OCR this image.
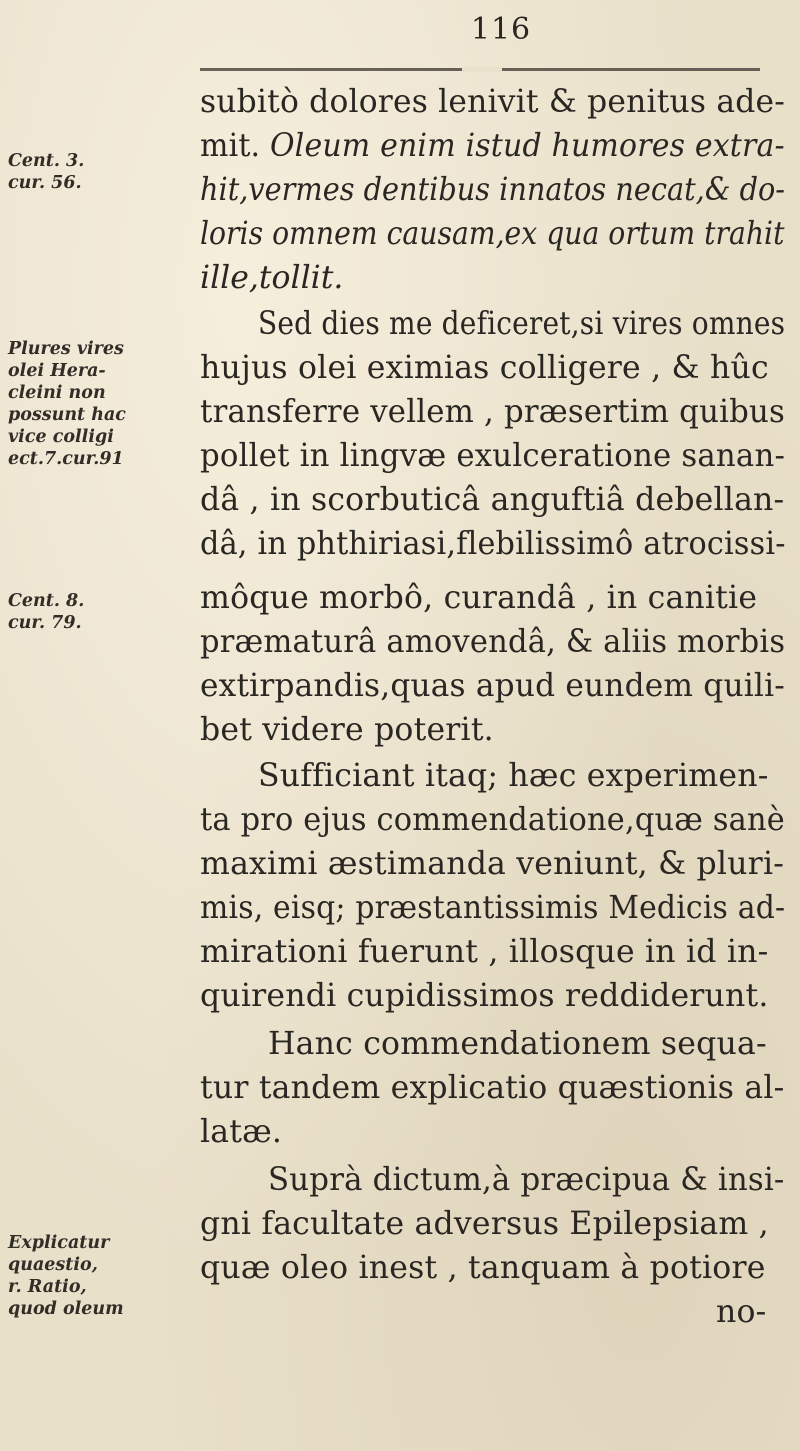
116
Cent. 3.
cur. 56.
Plures vires
olei Hera-
cleini non
possunt hac
vice colligi
ect.7.cur.91
Cent. 8.
cur. 79.
Explicatur
quaestio,
r. Ratio,
quod oleum
subitò dolores lenivit & penitus ade-
mit. Oleum enim istud humores extra-
hit,vermes dentibus innatos necat,& do-
loris omnem causam,ex qua ortum trahit
ille,tollit.
Sed dies me deficeret,si vires omnes
hujus olei eximias colligere , & hûc
transferre vellem , præsertim quibus
pollet in lingvæ exulceratione sanan-
dâ , in scorbuticâ anguftiâ debellan-
dâ, in phthiriasi,flebilissimô atrocissi-
môque morbô, curandâ , in canitie
præmaturâ amovendâ, & aliis morbis
extirpandis,quas apud eundem quili-
bet videre poterit.
Sufficiant itaq; hæc experimen-
ta pro ejus commendatione,quæ sanè
maximi æstimanda veniunt, & pluri-
mis, eisq; præstantissimis Medicis ad-
mirationi fuerunt , illosque in id in-
quirendi cupidissimos reddiderunt.
Hanc commendationem sequa-
tur tandem explicatio quæstionis al-
latæ.
Suprà dictum,à præcipua & insi-
gni facultate adversus Epilepsiam ,
quæ oleo inest , tanquam à potiore
no-
